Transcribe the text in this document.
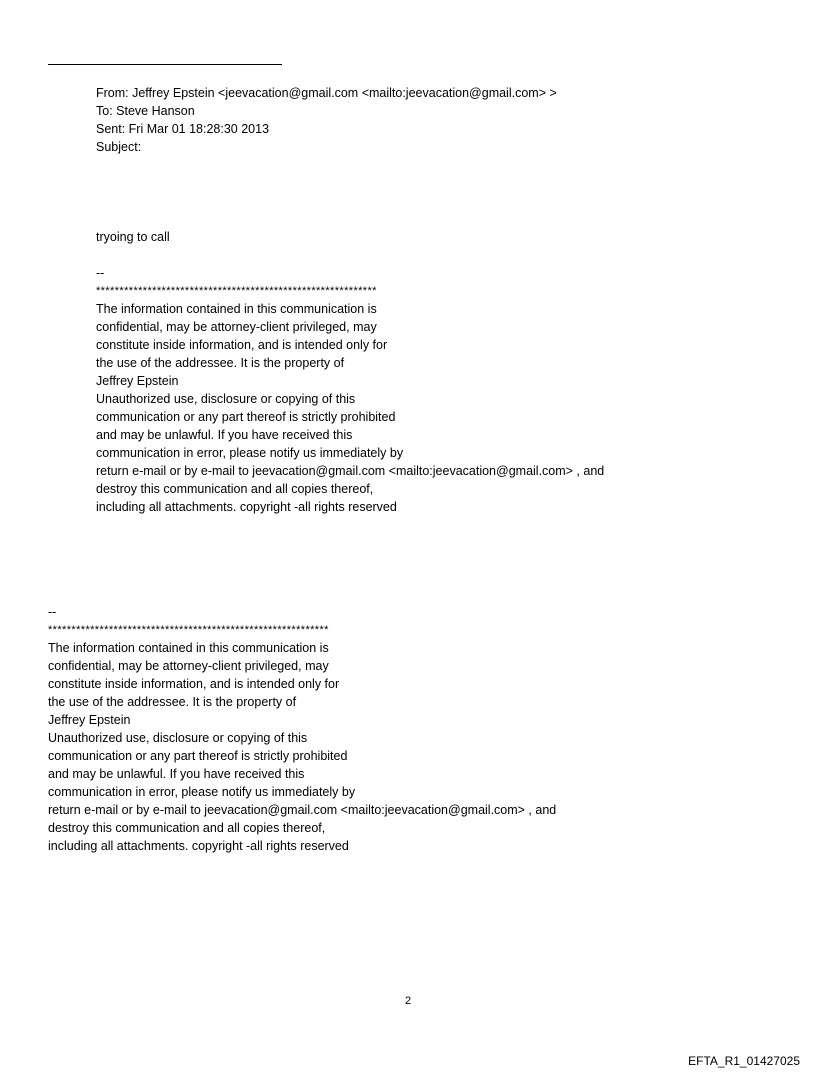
From: Jeffrey Epstein <jeevacation@gmail.com <mailto:jeevacation@gmail.com> >
To: Steve Hanson
Sent: Fri Mar 01 18:28:30 2013
Subject:
tryoing to call
--
************************************************************
The information contained in this communication is
confidential, may be attorney-client privileged, may
constitute inside information, and is intended only for
the use of the addressee. It is the property of
Jeffrey Epstein
Unauthorized use, disclosure or copying of this
communication or any part thereof is strictly prohibited
and may be unlawful. If you have received this
communication in error, please notify us immediately by
return e-mail or by e-mail to jeevacation@gmail.com <mailto:jeevacation@gmail.com> , and
destroy this communication and all copies thereof,
including all attachments. copyright -all rights reserved
--
************************************************************
The information contained in this communication is
confidential, may be attorney-client privileged, may
constitute inside information, and is intended only for
the use of the addressee. It is the property of
Jeffrey Epstein
Unauthorized use, disclosure or copying of this
communication or any part thereof is strictly prohibited
and may be unlawful. If you have received this
communication in error, please notify us immediately by
return e-mail or by e-mail to jeevacation@gmail.com <mailto:jeevacation@gmail.com> , and
destroy this communication and all copies thereof,
including all attachments. copyright -all rights reserved
2
EFTA_R1_01427025
